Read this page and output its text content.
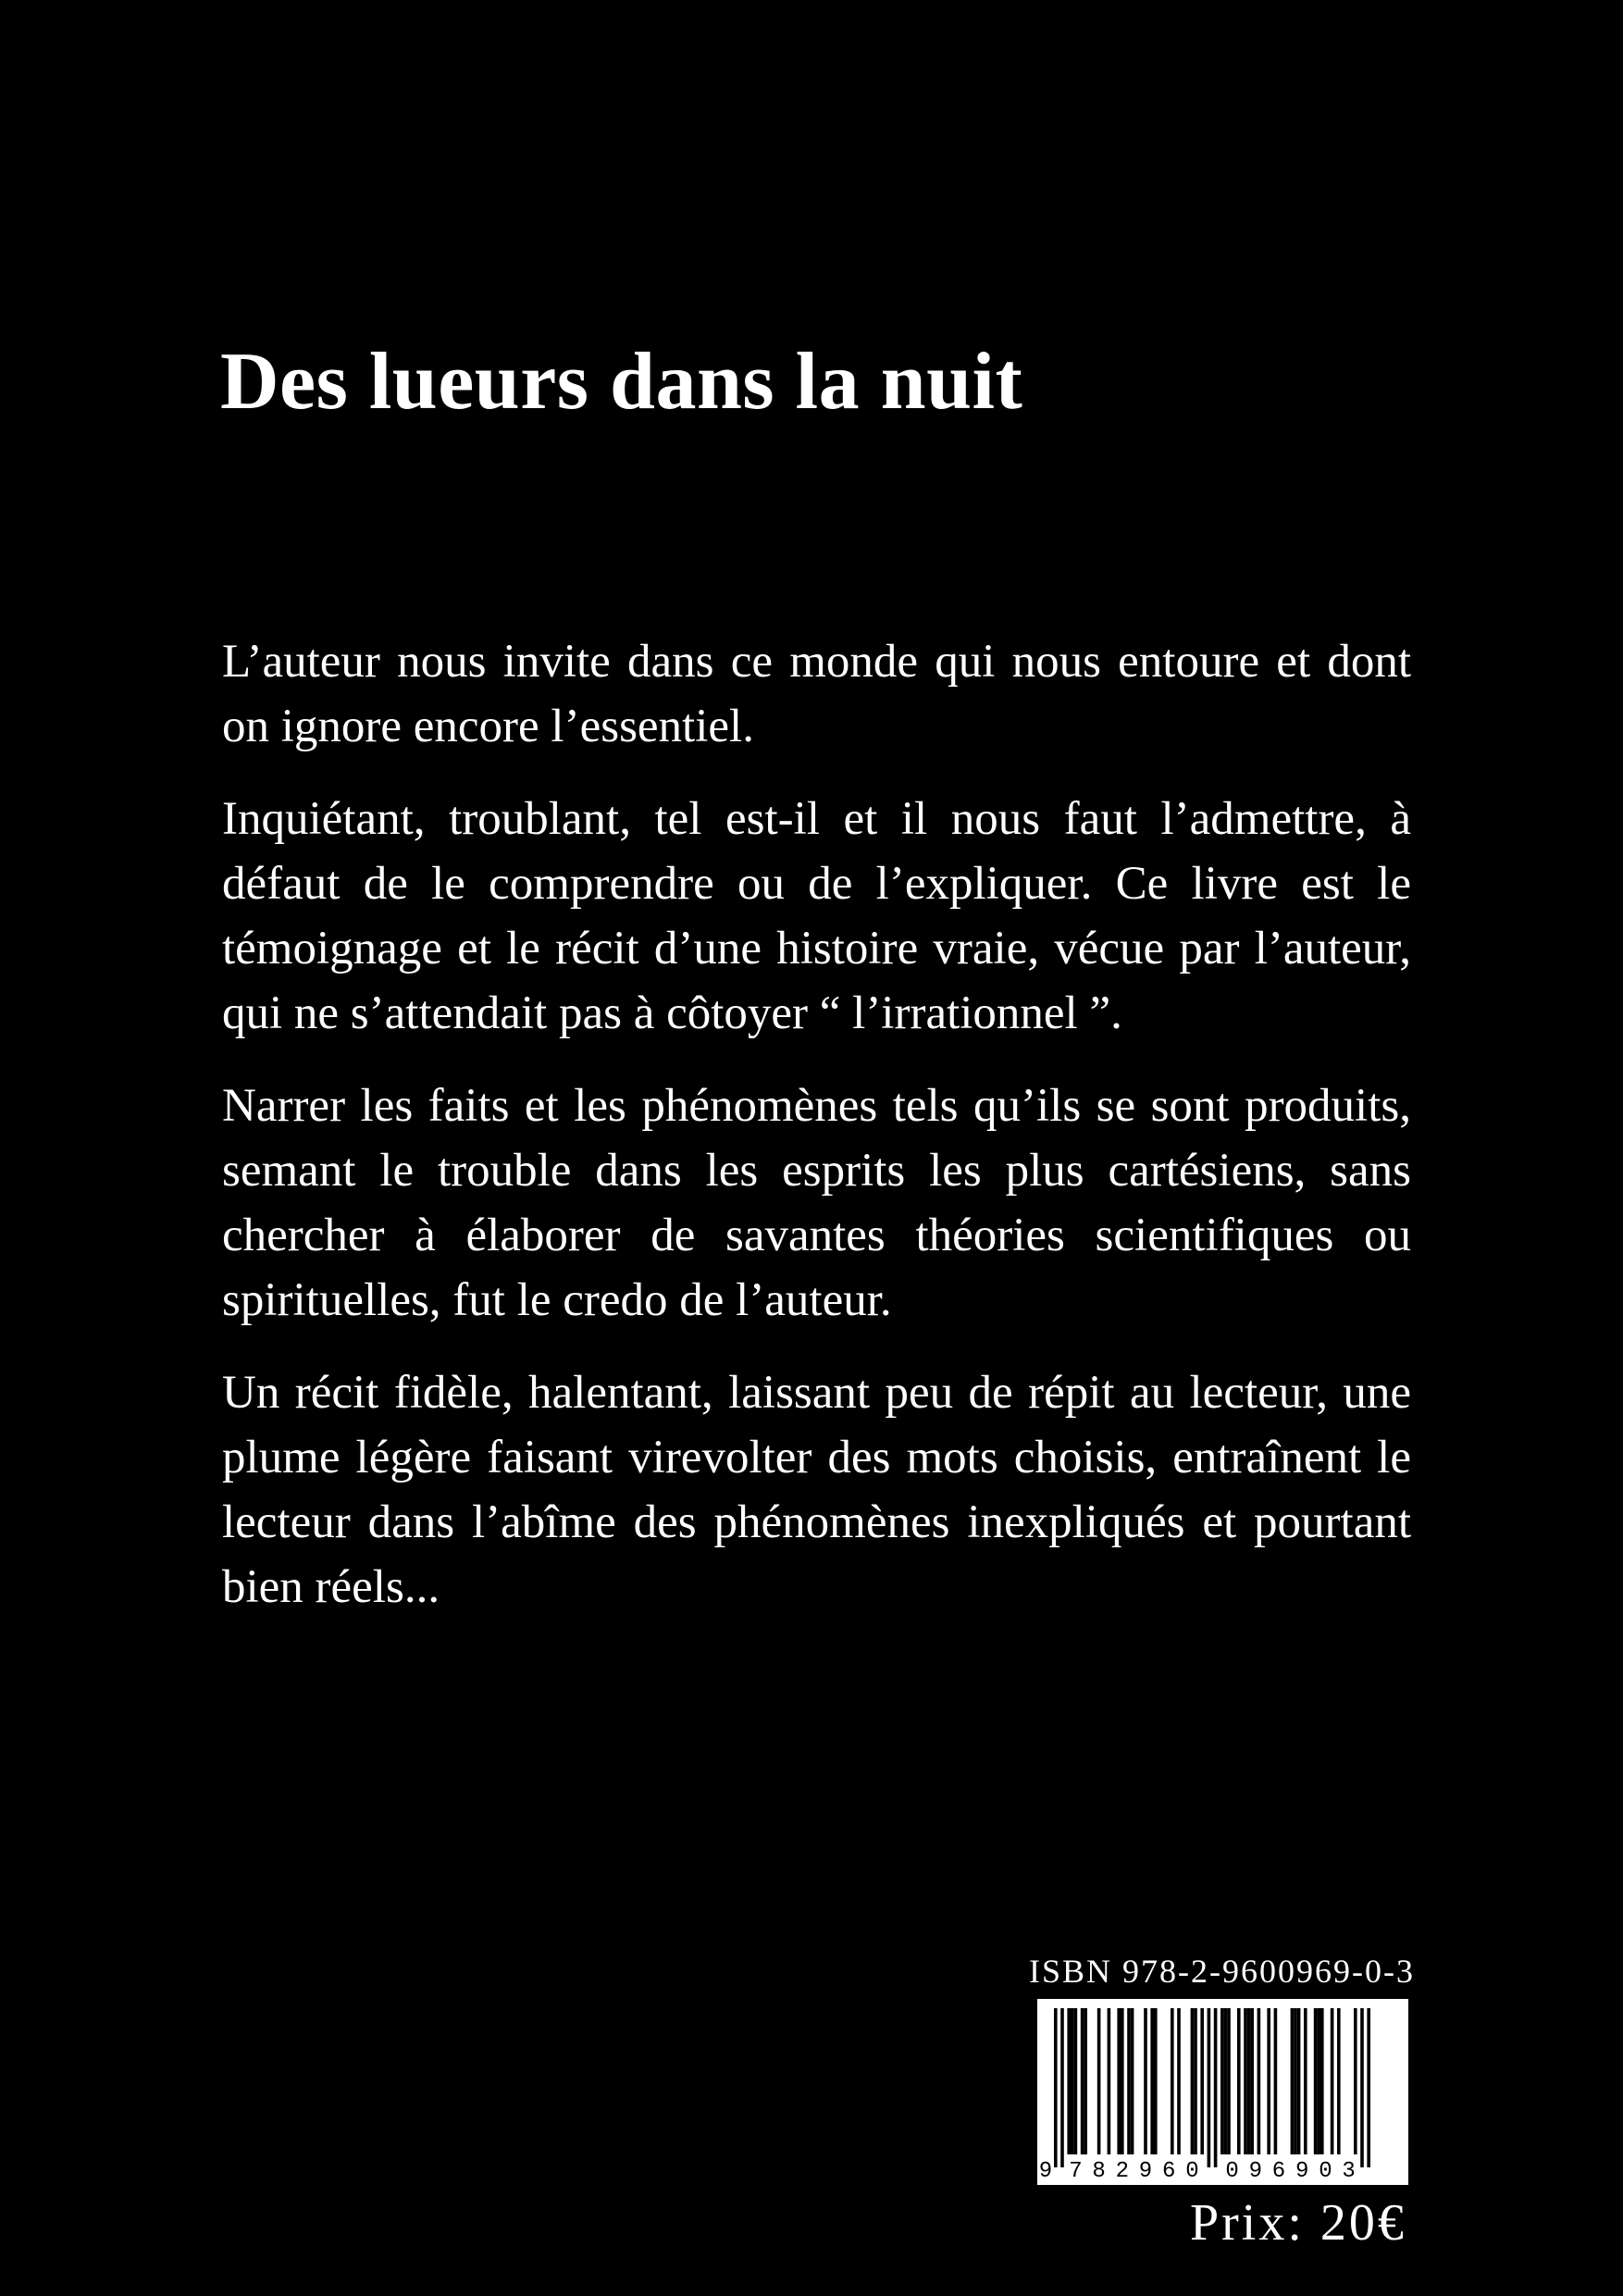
Des lueurs dans la nuit

L’auteur nous invite dans ce monde qui nous entoure et dont on ignore encore l’essentiel.

Inquiétant, troublant, tel est-il et il nous faut l’admettre, à défaut de le comprendre ou de l’expliquer. Ce livre est le témoignage et le récit d’une histoire vraie, vécue par l’auteur, qui ne s’attendait pas à côtoyer “ l’irrationnel ”.

Narrer les faits et les phénomènes tels qu’ils se sont produits, semant le trouble dans les esprits les plus cartésiens, sans chercher à élaborer de savantes théories scientifiques ou spirituelles, fut le credo de l’auteur.

Un récit fidèle, halentant, laissant peu de répit au lecteur, une plume légère faisant virevolter des mots choisis, entraînent le lecteur dans l’abîme des phénomènes inexpliqués et pourtant bien réels...

ISBN 978-2-9600969-0-3
9 7 8 2 9 6 0 0 9 6 9 0 3
Prix: 20€
